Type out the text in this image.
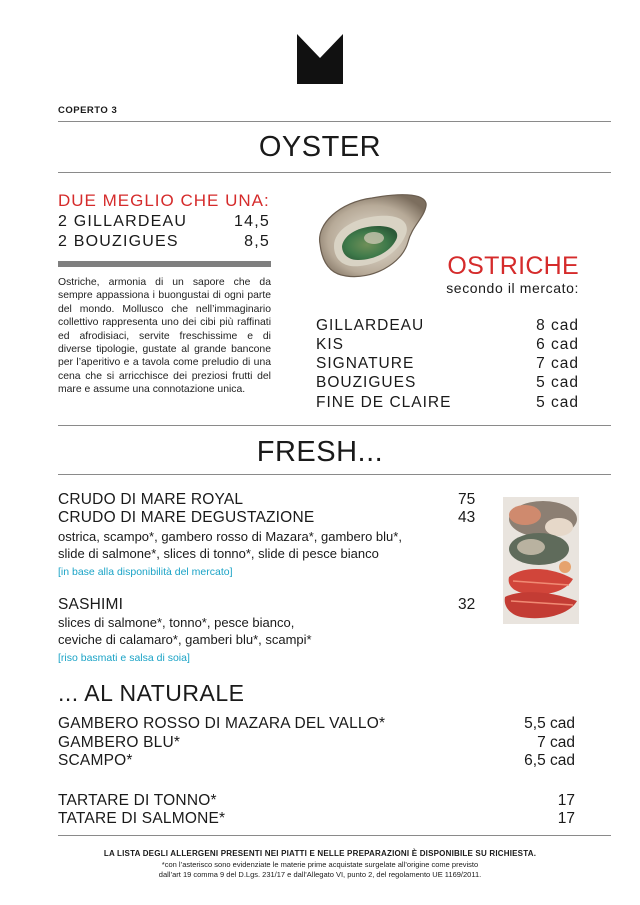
COPERTO 3
OYSTER
DUE MEGLIO CHE UNA:
2 GILLARDEAU	14,5
2 BOUZIGUES	8,5
Ostriche, armonia di un sapore che da sempre appassiona i buongustai di ogni parte del mondo. Mollusco che nell’immaginario collettivo rappresenta uno dei cibi più raffinati ed afrodisiaci, servite freschissime e di diverse tipologie, gustate al grande bancone per l’aperitivo e a tavola come preludio di una cena che si arricchisce dei preziosi frutti del mare e assume una connotazione unica.
OSTRICHE
secondo il mercato:
GILLARDEAU	8 cad
KIS	6 cad
SIGNATURE	7 cad
BOUZIGUES	5 cad
FINE DE CLAIRE	5 cad
FRESH...
CRUDO DI MARE ROYAL	75
CRUDO DI MARE DEGUSTAZIONE	43
ostrica, scampo*, gambero rosso di Mazara*, gambero blu*,
slide di salmone*, slices di tonno*, slide di pesce bianco
[in base alla disponibilità del mercato]
SASHIMI	32
slices di salmone*, tonno*, pesce bianco,
ceviche di calamaro*, gamberi blu*, scampi*
[riso basmati e salsa di soia]
... AL NATURALE
GAMBERO ROSSO DI MAZARA DEL VALLO*	5,5 cad
GAMBERO BLU*	7 cad
SCAMPO*	6,5 cad
TARTARE DI TONNO*	17
TATARE DI SALMONE*	17
LA LISTA DEGLI ALLERGENI PRESENTI NEI PIATTI E NELLE PREPARAZIONI È DISPONIBILE SU RICHIESTA.
*con l’asterisco sono evidenziate le materie prime acquistate surgelate all’origine come previsto
dall’art 19 comma 9 del D.Lgs. 231/17 e dall’Allegato VI, punto 2, del regolamento UE 1169/2011.
